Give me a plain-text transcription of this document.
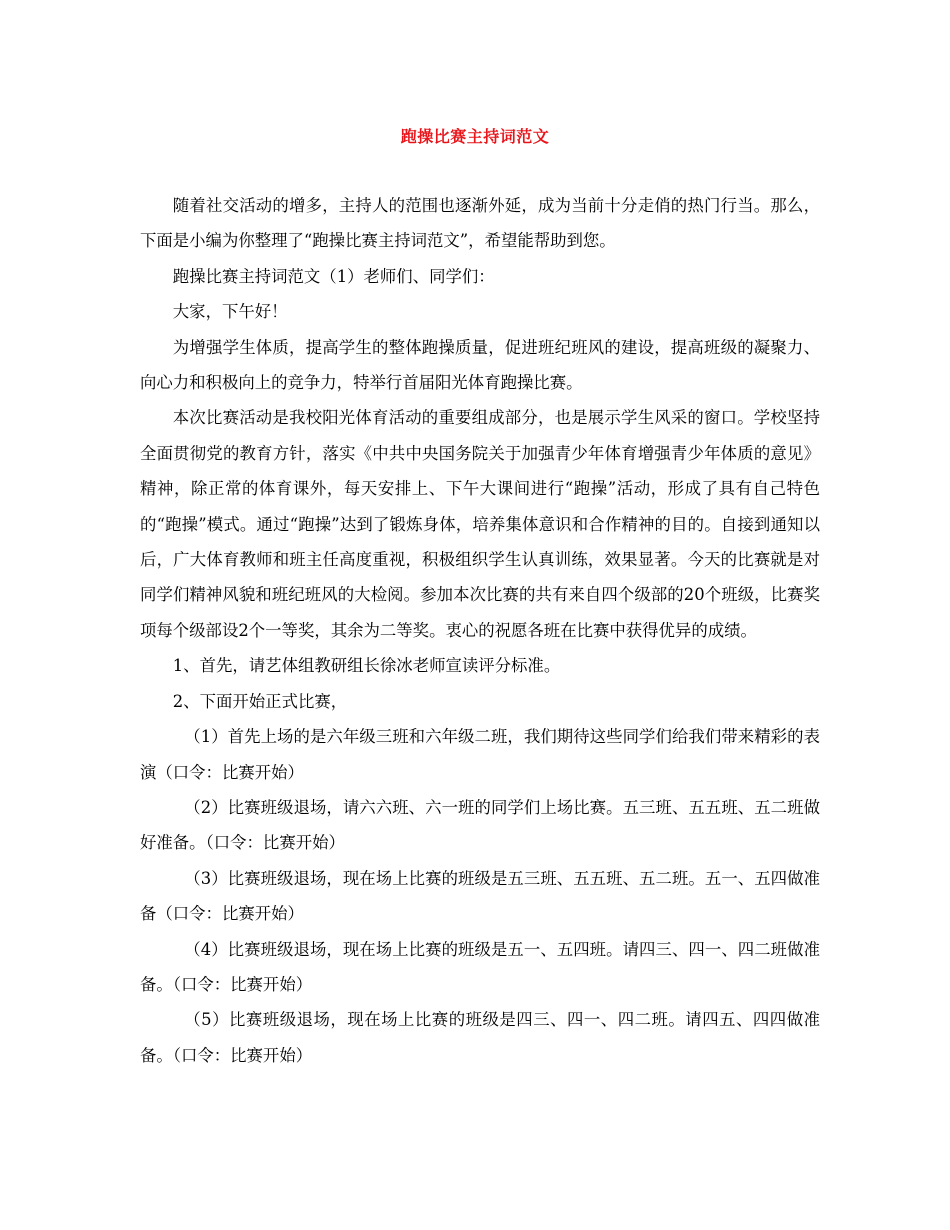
跑操比赛主持词范文

随着社交活动的增多，主持人的范围也逐渐外延，成为当前十分走俏的热门行当。那么，下面是小编为你整理了“跑操比赛主持词范文”，希望能帮助到您。

跑操比赛主持词范文（1）老师们、同学们：

大家，下午好！

为增强学生体质，提高学生的整体跑操质量，促进班纪班风的建设，提高班级的凝聚力、向心力和积极向上的竞争力，特举行首届阳光体育跑操比赛。

本次比赛活动是我校阳光体育活动的重要组成部分，也是展示学生风采的窗口。学校坚持全面贯彻党的教育方针，落实《中共中央国务院关于加强青少年体育增强青少年体质的意见》精神，除正常的体育课外，每天安排上、下午大课间进行“跑操”活动，形成了具有自己特色的“跑操”模式。通过“跑操”达到了锻炼身体，培养集体意识和合作精神的目的。自接到通知以后，广大体育教师和班主任高度重视，积极组织学生认真训练，效果显著。今天的比赛就是对同学们精神风貌和班纪班风的大检阅。参加本次比赛的共有来自四个级部的20个班级，比赛奖项每个级部设2个一等奖，其余为二等奖。衷心的祝愿各班在比赛中获得优异的成绩。

1、首先，请艺体组教研组长徐冰老师宣读评分标准。

2、下面开始正式比赛，

（1）首先上场的是六年级三班和六年级二班，我们期待这些同学们给我们带来精彩的表演（口令：比赛开始）

（2）比赛班级退场，请六六班、六一班的同学们上场比赛。五三班、五五班、五二班做好准备。（口令：比赛开始）

（3）比赛班级退场，现在场上比赛的班级是五三班、五五班、五二班。五一、五四做准备（口令：比赛开始）

（4）比赛班级退场，现在场上比赛的班级是五一、五四班。请四三、四一、四二班做准备。（口令：比赛开始）

（5）比赛班级退场，现在场上比赛的班级是四三、四一、四二班。请四五、四四做准备。（口令：比赛开始）
